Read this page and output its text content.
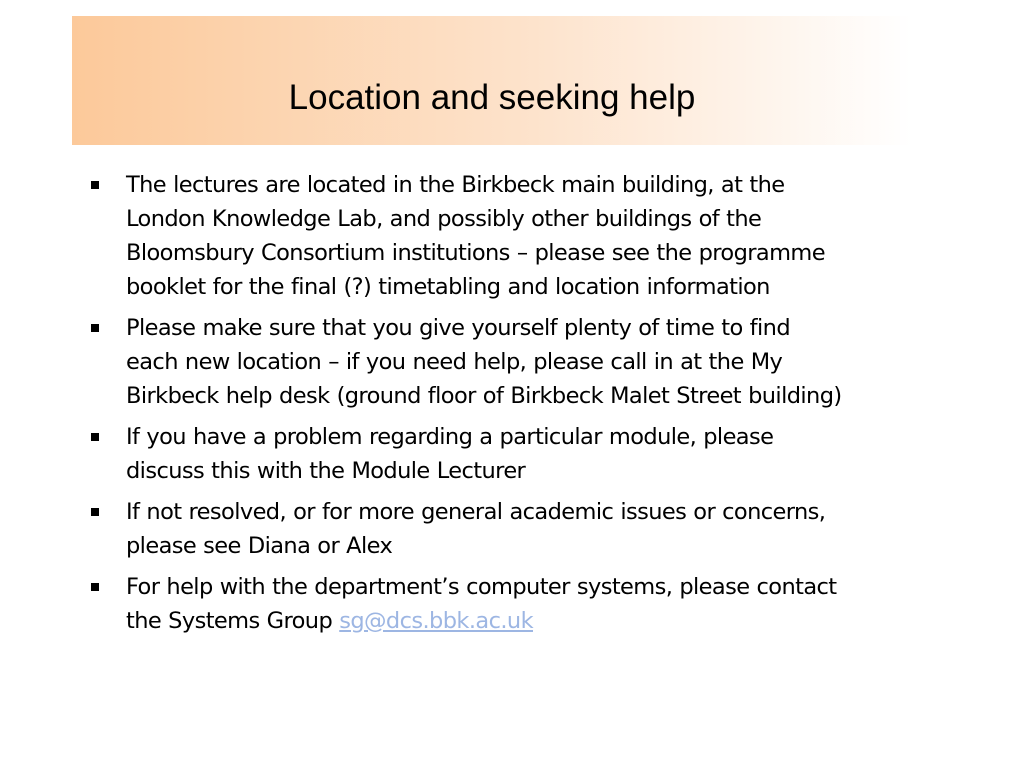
Location and seeking help
The lectures are located in the Birkbeck main building, at the
London Knowledge Lab, and possibly other buildings of the
Bloomsbury Consortium institutions – please see the programme
booklet for the final (?) timetabling and location information
Please make sure that you give yourself plenty of time to find
each new location – if you need help, please call in at the My
Birkbeck help desk (ground floor of Birkbeck Malet Street building)
If you have a problem regarding a particular module, please
discuss this with the Module Lecturer
If not resolved, or for more general academic issues or concerns,
please see Diana or Alex
For help with the department’s computer systems, please contact
the Systems Group sg@dcs.bbk.ac.uk
